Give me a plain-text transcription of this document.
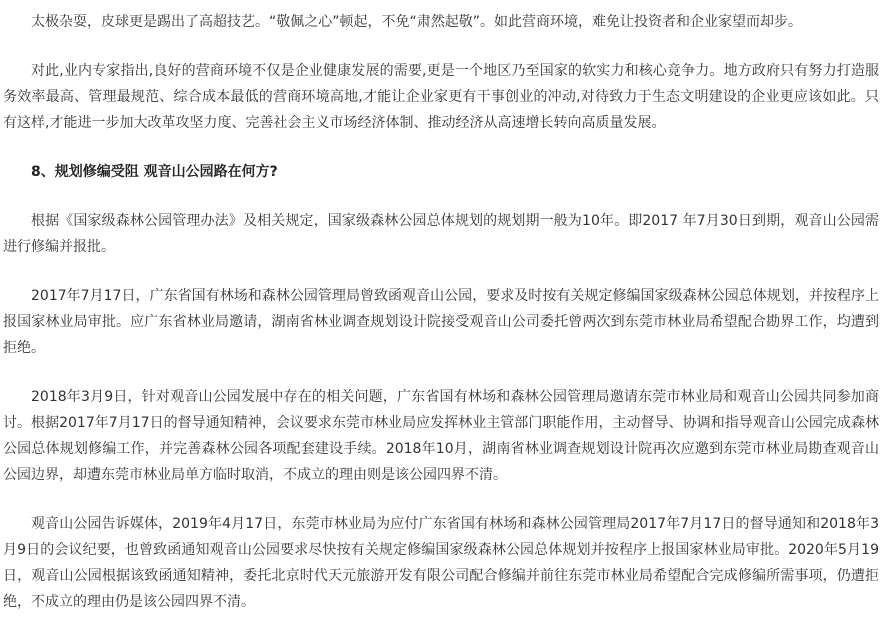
太极杂耍，皮球更是踢出了高超技艺。“敬佩之心”顿起，不免“肃然起敬”。如此营商环境，难免让投资者和企业家望而却步。

对此,业内专家指出,良好的营商环境不仅是企业健康发展的需要,更是一个地区乃至国家的软实力和核心竞争力。地方政府只有努力打造服务效率最高、管理最规范、综合成本最低的营商环境高地,才能让企业家更有干事创业的冲动,对待致力于生态文明建设的企业更应该如此。只有这样,才能进一步加大改革攻坚力度、完善社会主义市场经济体制、推动经济从高速增长转向高质量发展。

8、规划修编受阻 观音山公园路在何方?

根据《国家级森林公园管理办法》及相关规定，国家级森林公园总体规划的规划期一般为10年。即2017 年7月30日到期，观音山公园需进行修编并报批。

2017年7月17日，广东省国有林场和森林公园管理局曾致函观音山公园，要求及时按有关规定修编国家级森林公园总体规划，并按程序上报国家林业局审批。应广东省林业局邀请，湖南省林业调查规划设计院接受观音山公司委托曾两次到东莞市林业局希望配合勘界工作，均遭到拒绝。

2018年3月9日，针对观音山公园发展中存在的相关问题，广东省国有林场和森林公园管理局邀请东莞市林业局和观音山公园共同参加商讨。根据2017年7月17日的督导通知精神，会议要求东莞市林业局应发挥林业主管部门职能作用，主动督导、协调和指导观音山公园完成森林公园总体规划修编工作，并完善森林公园各项配套建设手续。2018年10月，湖南省林业调查规划设计院再次应邀到东莞市林业局勘查观音山公园边界，却遭东莞市林业局单方临时取消，不成立的理由则是该公园四界不清。

观音山公园告诉媒体，2019年4月17日，东莞市林业局为应付广东省国有林场和森林公园管理局2017年7月17日的督导通知和2018年3月9日的会议纪要，也曾致函通知观音山公园要求尽快按有关规定修编国家级森林公园总体规划并按程序上报国家林业局审批。2020年5月19日，观音山公园根据该致函通知精神，委托北京时代天元旅游开发有限公司配合修编并前往东莞市林业局希望配合完成修编所需事项，仍遭拒绝，不成立的理由仍是该公园四界不清。
